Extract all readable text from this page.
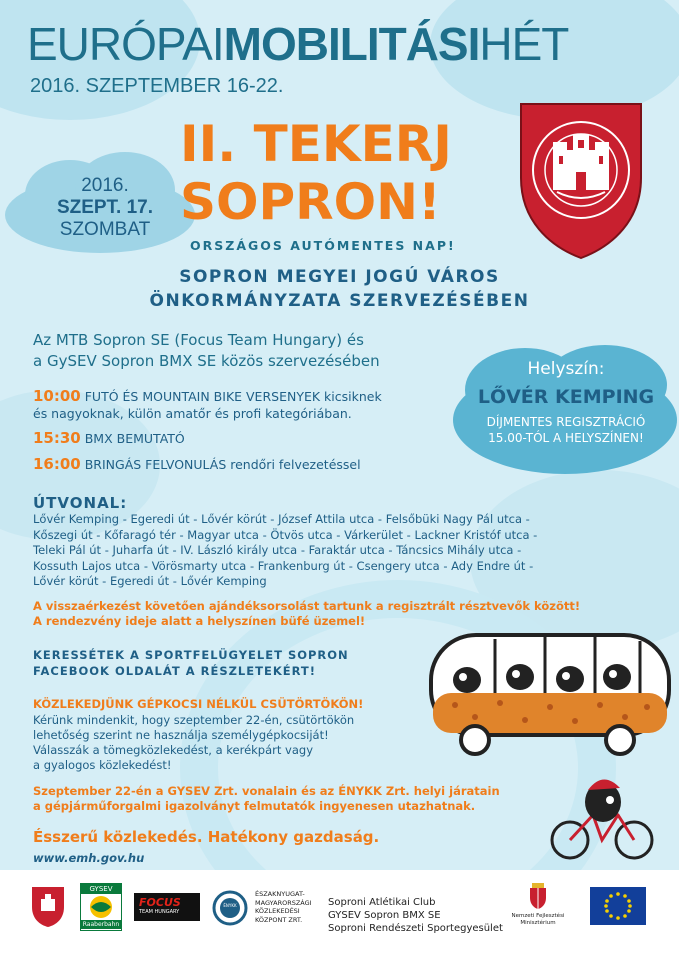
EURÓPAIMOBILITÁSIHÉT
2016. SZEPTEMBER 16-22.
2016.
SZEPT. 17.
SZOMBAT
II. TEKERJ
SOPRON!
ORSZÁGOS AUTÓMENTES NAP!
SOPRON MEGYEI JOGÚ VÁROS
ÖNKORMÁNYZATA SZERVEZÉSÉBEN
Az MTB Sopron SE (Focus Team Hungary) és
a GySEV Sopron BMX SE közös szervezésében	Helyszín:
LŐVÉR KEMPING
DÍJMENTES REGISZTRÁCIÓ
15.00-TÓL A HELYSZÍNEN!
10:00 FUTÓ ÉS MOUNTAIN BIKE VERSENYEK kicsiknek
és nagyoknak, külön amatőr és profi kategóriában.
15:30 BMX BEMUTATÓ
16:00 BRINGÁS FELVONULÁS rendőri felvezetéssel
ÚTVONAL:
Lővér Kemping - Egeredi út - Lővér körút - József Attila utca - Felsőbüki Nagy Pál utca -
Kőszegi út - Kőfaragó tér - Magyar utca - Ötvös utca - Várkerület - Lackner Kristóf utca -
Teleki Pál út - Juharfa út - IV. László király utca - Faraktár utca - Táncsics Mihály utca -
Kossuth Lajos utca - Vörösmarty utca - Frankenburg út - Csengery utca - Ady Endre út -
Lővér körút - Egeredi út - Lővér Kemping
A visszaérkezést követően ajándéksorsolást tartunk a regisztrált résztvevők között!
A rendezvény ideje alatt a helyszínen büfé üzemel!
KERESSÉTEK A SPORTFELÜGYELET SOPRON
FACEBOOK OLDALÁT A RÉSZLETEKÉRT!
KÖZLEKEDJÜNK GÉPKOCSI NÉLKÜL CSÜTÖRTÖKÖN!
Kérünk mindenkit, hogy szeptember 22-én, csütörtökön
lehetőség szerint ne használja személygépkocsiját!
Válasszák a tömegközlekedést, a kerékpárt vagy
a gyalogos közlekedést!
Szeptember 22-én a GYSEV Zrt. vonalain és az ÉNYKK Zrt. helyi járatain
a gépjárműforgalmi igazolványt felmutatók ingyenesen utazhatnak.
Ésszerű közlekedés. Hatékony gazdaság.
www.emh.gov.hu
GYSEV
Raaberbahn
FOCUS
TEAM HUNGARY
ÉNYKK
ÉSZAKNYUGAT-
MAGYARORSZÁGI
KÖZLEKEDÉSI
KÖZPONT ZRT.
Soproni Atlétikai Club
GYSEV Sopron BMX SE
Soproni Rendészeti Sportegyesület
Nemzeti Fejlesztési
Minisztérium
